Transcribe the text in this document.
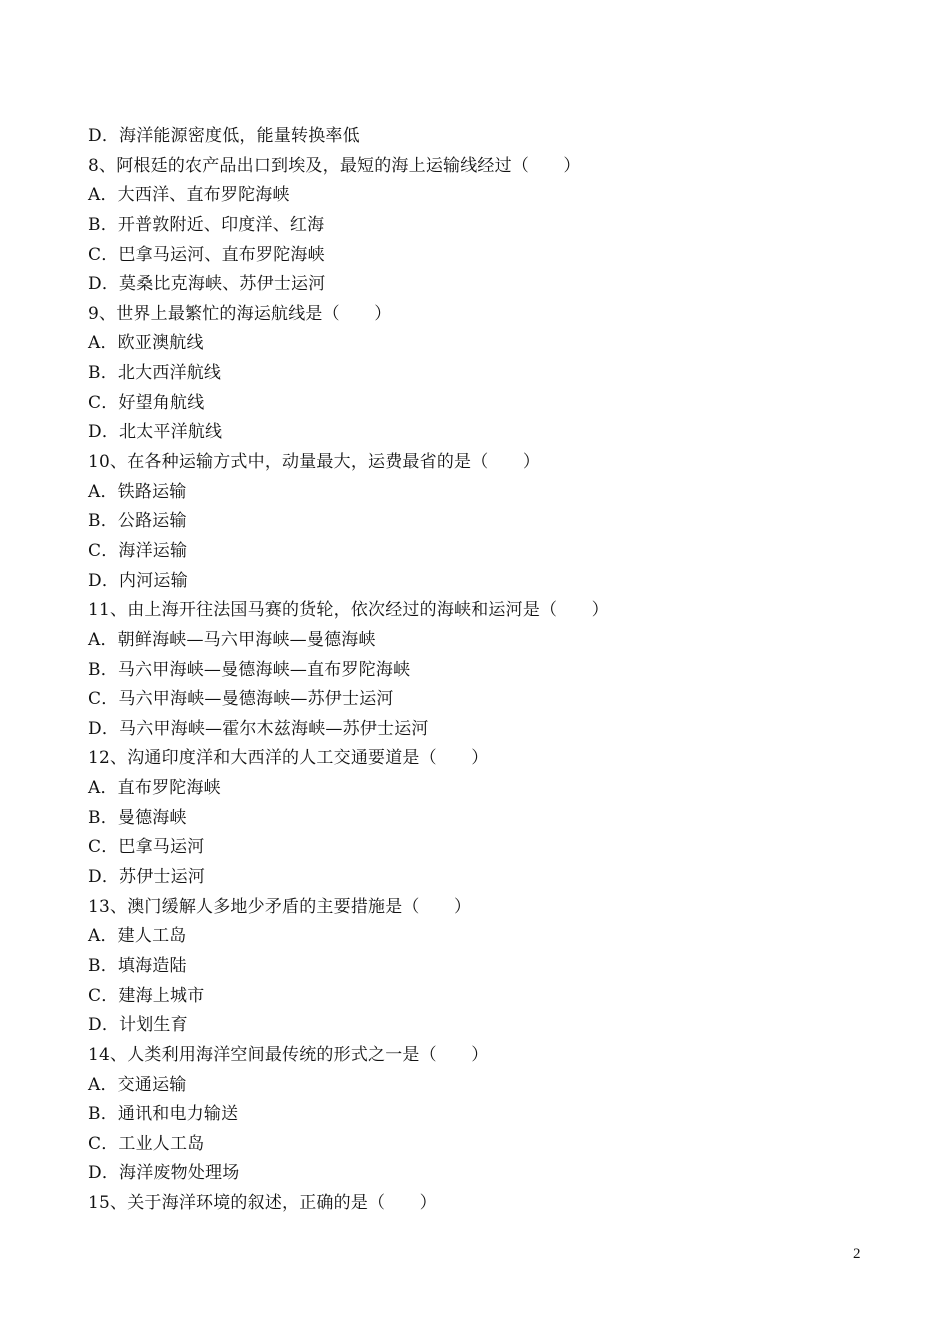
D．海洋能源密度低，能量转换率低
8、阿根廷的农产品出口到埃及，最短的海上运输线经过（　　）
A．大西洋、直布罗陀海峡
B．开普敦附近、印度洋、红海
C．巴拿马运河、直布罗陀海峡
D．莫桑比克海峡、苏伊士运河
9、世界上最繁忙的海运航线是（　　）
A．欧亚澳航线
B．北大西洋航线
C．好望角航线
D．北太平洋航线
10、在各种运输方式中，动量最大，运费最省的是（　　）
A．铁路运输
B．公路运输
C．海洋运输
D．内河运输
11、由上海开往法国马赛的货轮，依次经过的海峡和运河是（　　）
A．朝鲜海峡—马六甲海峡—曼德海峡
B．马六甲海峡—曼德海峡—直布罗陀海峡
C．马六甲海峡—曼德海峡—苏伊士运河
D．马六甲海峡—霍尔木兹海峡—苏伊士运河
12、沟通印度洋和大西洋的人工交通要道是（　　）
A．直布罗陀海峡
B．曼德海峡
C．巴拿马运河
D．苏伊士运河
13、澳门缓解人多地少矛盾的主要措施是（　　）
A．建人工岛
B．填海造陆
C．建海上城市
D．计划生育
14、人类利用海洋空间最传统的形式之一是（　　）
A．交通运输
B．通讯和电力输送
C．工业人工岛
D．海洋废物处理场
15、关于海洋环境的叙述，正确的是（　　）
2
